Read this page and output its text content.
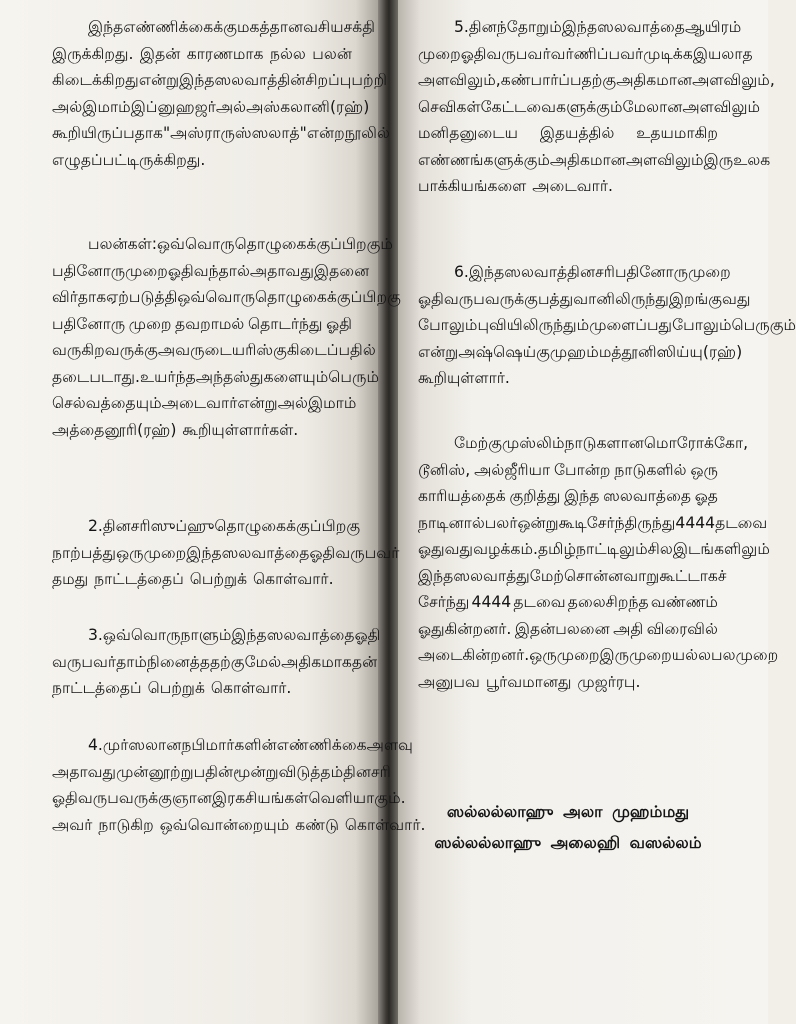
இந்த எண்ணிக்கைக்கு மகத்தான வசிய சக்தி
இருக்கிறது. இதன் காரணமாக நல்ல பலன்
கிடைக்கிறது என்று இந்த ஸலவாத்தின் சிறப்பு பற்றி
அல் இமாம் இப்னு ஹஜர் அல் அஸ்கலானி (ரஹ்)
கூறியிருப்பதாக "அஸ்ராருஸ் ஸலாத்" என்ற நூலில்
எழுதப்பட்டிருக்கிறது.
பலன்கள் : ஒவ்வொரு தொழுகைக்குப் பிறகும்
பதினோரு முறை ஓதி வந்தால் அதாவது இதனை
விர்தாக ஏற்படுத்தி ஒவ்வொரு தொழுகைக்குப் பிறகு
பதினோரு முறை தவறாமல் தொடர்ந்து ஓதி
வருகிறவருக்கு அவருடைய ரிஸ்கு கிடைப்பதில்
தடைபடாது. உயர்ந்த அந்தஸ்துகளையும் பெரும்
செல்வத்தையும் அடைவார் என்று அல் இமாம்
அத்தைனூரி(ரஹ்) கூறியுள்ளார்கள்.
2. தினசரி ஸுப்ஹு தொழுகைக்குப் பிறகு
நாற்பத்து ஒரு முறை இந்த ஸலவாத்தை ஓதி வருபவர்
தமது நாட்டத்தைப் பெற்றுக் கொள்வார்.
3. ஒவ்வொரு நாளும் இந்த ஸலவாத்தை ஓதி
வருபவர் தாம் நினைத்ததற்கு மேல் அதிகமாக தன்
நாட்டத்தைப் பெற்றுக் கொள்வார்.
4. முர்ஸலான நபிமார்களின் எண்ணிக்கை அளவு
அதாவது முன்னூற்று பதின்மூன்று விடுத்தம் தினசரி
ஓதிவருபவருக்கு ஞான இரகசியங்கள் வெளியாகும்.
அவர் நாடுகிற ஒவ்வொன்றையும் கண்டு கொள்வார்.
5. தினந்தோறும் இந்த ஸலவாத்தை ஆயிரம்
முறை ஓதி வருபவர் வர்ணிப்பவர் முடிக்க இயலாத
அளவிலும், கண்பார்ப்பதற்கு அதிகமான அளவிலும்,
செவிகள் கேட்டவைகளுக்கும் மேலான அளவிலும்
மனிதனுடைய இதயத்தில் உதயமாகிற
எண்ணங்களுக்கும் அதிகமான அளவிலும் இரு உலக
பாக்கியங்களை அடைவார்.
6. இந்த ஸலவாத் தினசரி பதினோரு முறை
ஓதிவருபவருக்கு பத்து வானிலிருந்து இறங்குவது
போலும் புவியிலிருந்தும் முளைப்பது போலும் பெருகும்
என்று அஷ்ஷெய்கு முஹம்மத் தூனிஸிய்யு(ரஹ்)
கூறியுள்ளார்.
மேற்கு முஸ்லிம் நாடுகளான மொரோக்கோ,
டூனிஸ், அல்ஜீரியா போன்ற நாடுகளில் ஒரு
காரியத்தைக் குறித்து இந்த ஸலவாத்தை ஓத
நாடினால் பலர் ஒன்று கூடி சேர்ந்திருந்து 4444 தடவை
ஓதுவது வழக்கம். தமிழ்நாட்டிலும் சில இடங்களிலும்
இந்த ஸலவாத்து மேற்சொன்னவாறு கூட்டாகச்
சேர்ந்து 4444 தடவை தலைசிறந்த வண்ணம்
ஓதுகின்றனர். இதன்பலனை அதி விரைவில்
அடைகின்றனர். ஒரு முறை இருமுறையல்ல பலமுறை
அனுபவ பூர்வமானது முஜர்ரபு.
ஸல்லல்லாஹு அலா முஹம்மது
ஸல்லல்லாஹு அலைஹி வஸல்லம்
